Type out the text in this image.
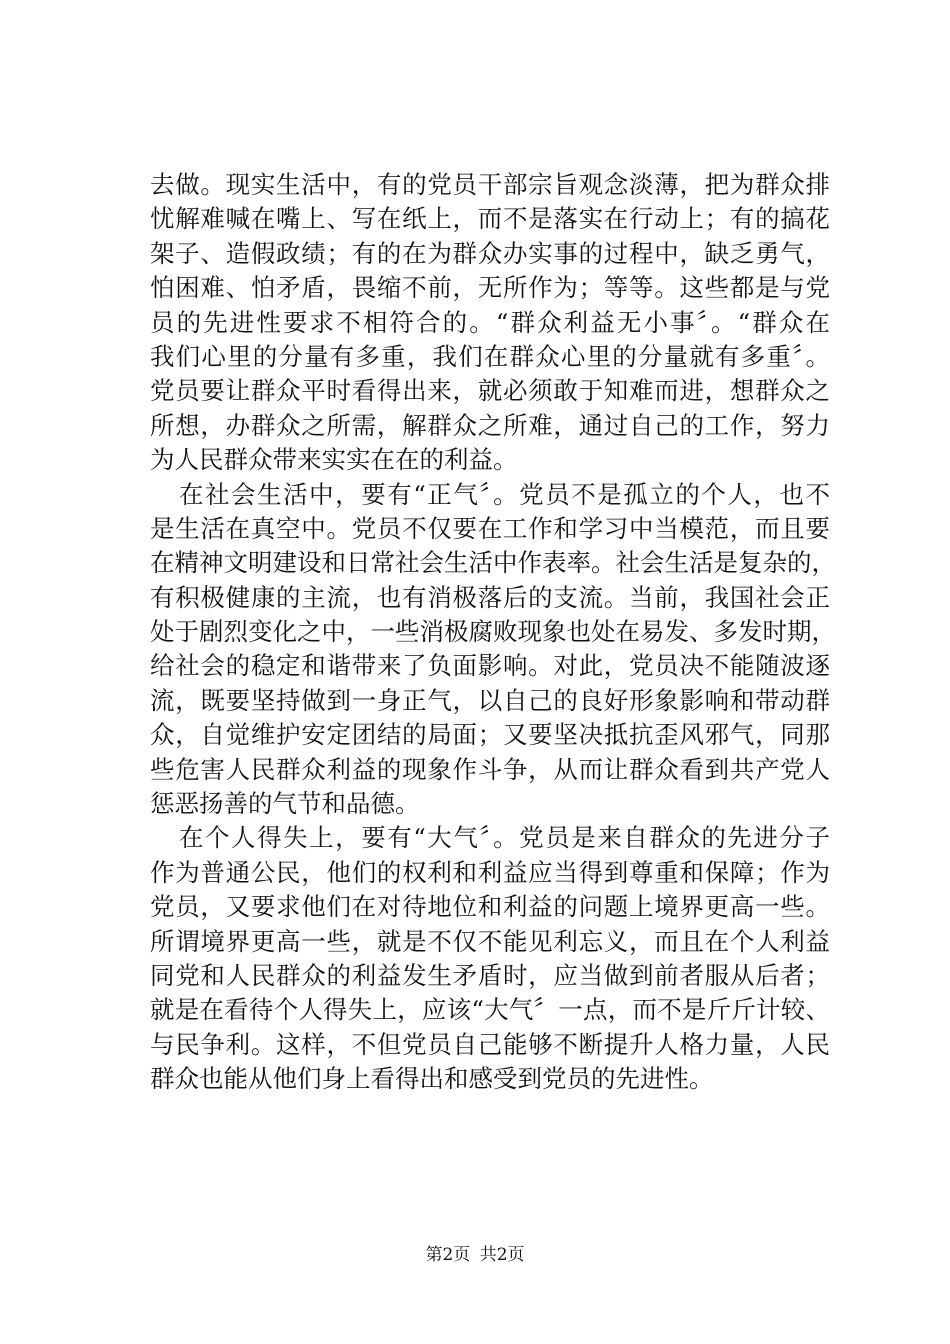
去做。现实生活中，有的党员干部宗旨观念淡薄，把为群众排
忧解难喊在嘴上、写在纸上，而不是落实在行动上；有的搞花
架子、造假政绩；有的在为群众办实事的过程中，缺乏勇气，
怕困难、怕矛盾，畏缩不前，无所作为；等等。这些都是与党
员的先进性要求不相符合的。“群众利益无小事〞。“群众在
我们心里的分量有多重，我们在群众心里的分量就有多重〞。
党员要让群众平时看得出来，就必须敢于知难而进，想群众之
所想，办群众之所需，解群众之所难，通过自己的工作，努力
为人民群众带来实实在在的利益。
在社会生活中，要有“正气〞。党员不是孤立的个人，也不
是生活在真空中。党员不仅要在工作和学习中当模范，而且要
在精神文明建设和日常社会生活中作表率。社会生活是复杂的，
有积极健康的主流，也有消极落后的支流。当前，我国社会正
处于剧烈变化之中，一些消极腐败现象也处在易发、多发时期，
给社会的稳定和谐带来了负面影响。对此，党员决不能随波逐
流，既要坚持做到一身正气，以自己的良好形象影响和带动群
众，自觉维护安定团结的局面；又要坚决抵抗歪风邪气，同那
些危害人民群众利益的现象作斗争，从而让群众看到共产党人
惩恶扬善的气节和品德。
在个人得失上，要有“大气〞。党员是来自群众的先进分子
作为普通公民，他们的权利和利益应当得到尊重和保障；作为
党员，又要求他们在对待地位和利益的问题上境界更高一些。
所谓境界更高一些，就是不仅不能见利忘义，而且在个人利益
同党和人民群众的利益发生矛盾时，应当做到前者服从后者；
就是在看待个人得失上，应该“大气〞一点，而不是斤斤计较、
与民争利。这样，不但党员自己能够不断提升人格力量，人民
群众也能从他们身上看得出和感受到党员的先进性。
第2页 共2页
